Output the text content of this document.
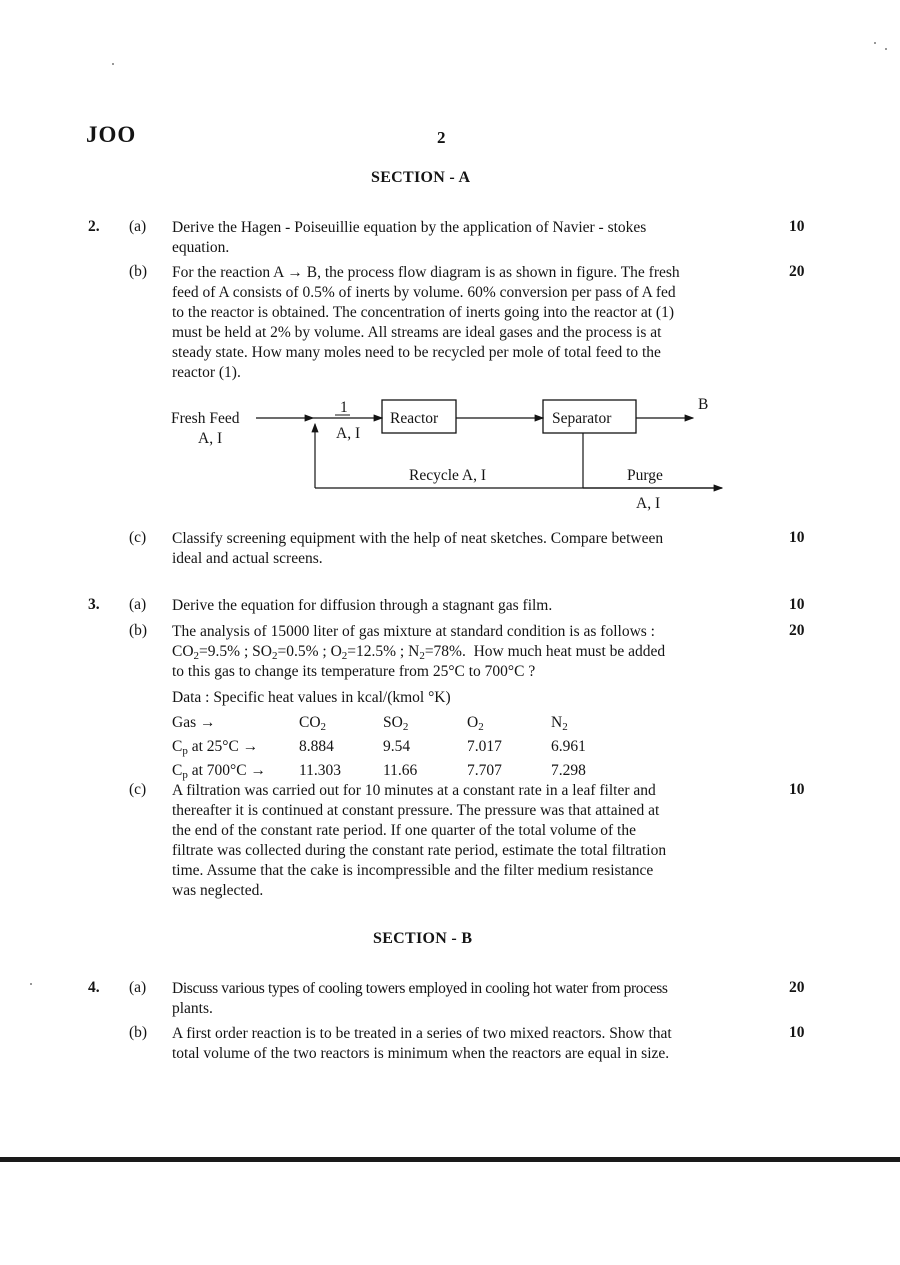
JOO	2
SECTION - A
2. (a) Derive the Hagen - Poiseuillie equation by the application of Navier - stokes
equation.
10
(b) For the reaction A → B, the process flow diagram is as shown in figure. The fresh
feed of A consists of 0.5% of inerts by volume. 60% conversion per pass of A fed
to the reactor is obtained. The concentration of inerts going into the reactor at (1)
must be held at 2% by volume. All streams are ideal gases and the process is at
steady state. How many moles need to be recycled per mole of total feed to the
reactor (1).
20
Fresh Feed
A, I
1
A, I
Reactor	Separator
B
Recycle A, I	Purge
A, I
(c) Classify screening equipment with the help of neat sketches. Compare between
ideal and actual screens.
10
3. (a) Derive the equation for diffusion through a stagnant gas film.	10
(b) The analysis of 15000 liter of gas mixture at standard condition is as follows :
$CO_2=9.5\%$ ; $SO_2=0.5\%$ ; $O_2=12.5\%$ ; $N_2=78\%$.  How much heat must be added
to this gas to change its temperature from 25°C to 700°C ?
Data : Specific heat values in kcal/(kmol °K)
Gas →	$CO_2$	$SO_2$	$O_2$	$N_2$
$C_p$ at 25°C →	8.884	9.54	7.017	6.961
$C_p$ at 700°C →	11.303	11.66	7.707	7.298
20
(c) A filtration was carried out for 10 minutes at a constant rate in a leaf filter and
thereafter it is continued at constant pressure. The pressure was that attained at
the end of the constant rate period. If one quarter of the total volume of the
filtrate was collected during the constant rate period, estimate the total filtration
time. Assume that the cake is incompressible and the filter medium resistance
was neglected.
10
SECTION - B
4. (a) Discuss various types of cooling towers employed in cooling hot water from process
plants.
20
(b) A first order reaction is to be treated in a series of two mixed reactors. Show that
total volume of the two reactors is minimum when the reactors are equal in size.
10
